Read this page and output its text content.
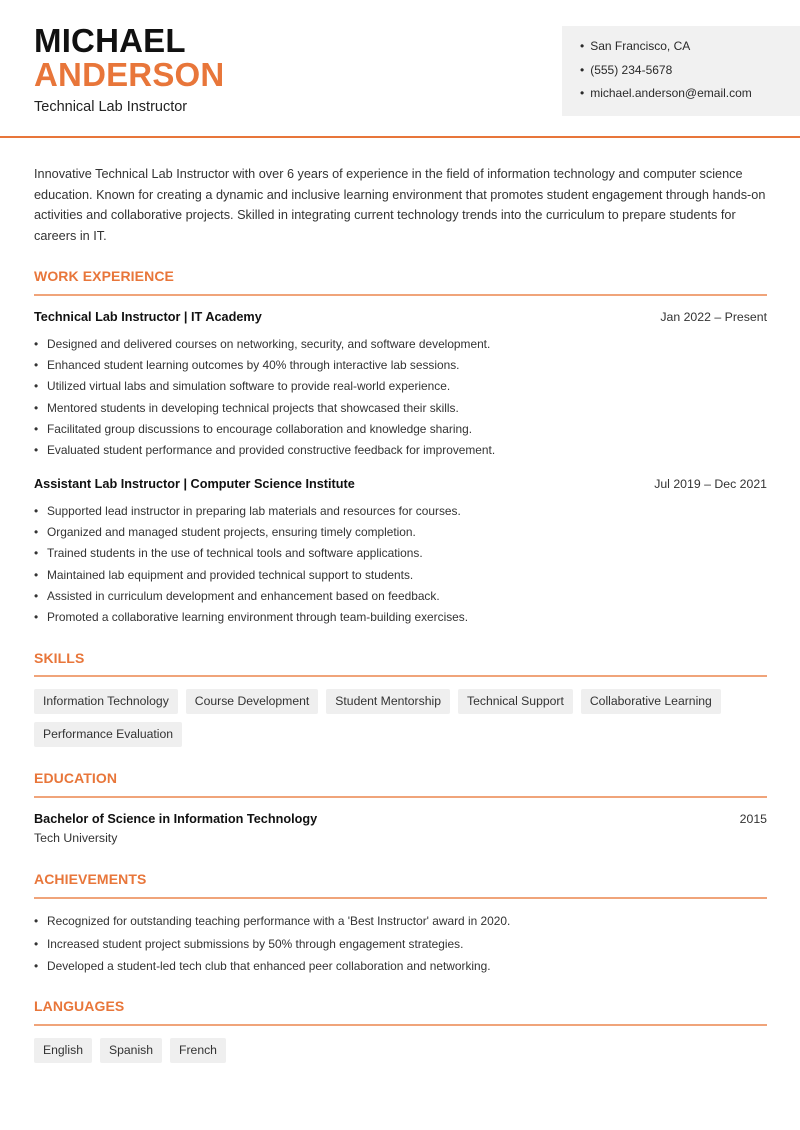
MICHAEL
ANDERSON
Technical Lab Instructor
• San Francisco, CA
• (555) 234-5678
• michael.anderson@email.com
Innovative Technical Lab Instructor with over 6 years of experience in the field of information technology and computer science education. Known for creating a dynamic and inclusive learning environment that promotes student engagement through hands-on activities and collaborative projects. Skilled in integrating current technology trends into the curriculum to prepare students for careers in IT.
WORK EXPERIENCE
Technical Lab Instructor | IT Academy	Jan 2022 – Present
• Designed and delivered courses on networking, security, and software development.
• Enhanced student learning outcomes by 40% through interactive lab sessions.
• Utilized virtual labs and simulation software to provide real-world experience.
• Mentored students in developing technical projects that showcased their skills.
• Facilitated group discussions to encourage collaboration and knowledge sharing.
• Evaluated student performance and provided constructive feedback for improvement.
Assistant Lab Instructor | Computer Science Institute	Jul 2019 – Dec 2021
• Supported lead instructor in preparing lab materials and resources for courses.
• Organized and managed student projects, ensuring timely completion.
• Trained students in the use of technical tools and software applications.
• Maintained lab equipment and provided technical support to students.
• Assisted in curriculum development and enhancement based on feedback.
• Promoted a collaborative learning environment through team-building exercises.
SKILLS
Information Technology	Course Development	Student Mentorship	Technical Support	Collaborative Learning
Performance Evaluation
EDUCATION
Bachelor of Science in Information Technology	2015
Tech University
ACHIEVEMENTS
• Recognized for outstanding teaching performance with a 'Best Instructor' award in 2020.
• Increased student project submissions by 50% through engagement strategies.
• Developed a student-led tech club that enhanced peer collaboration and networking.
LANGUAGES
English	Spanish	French
